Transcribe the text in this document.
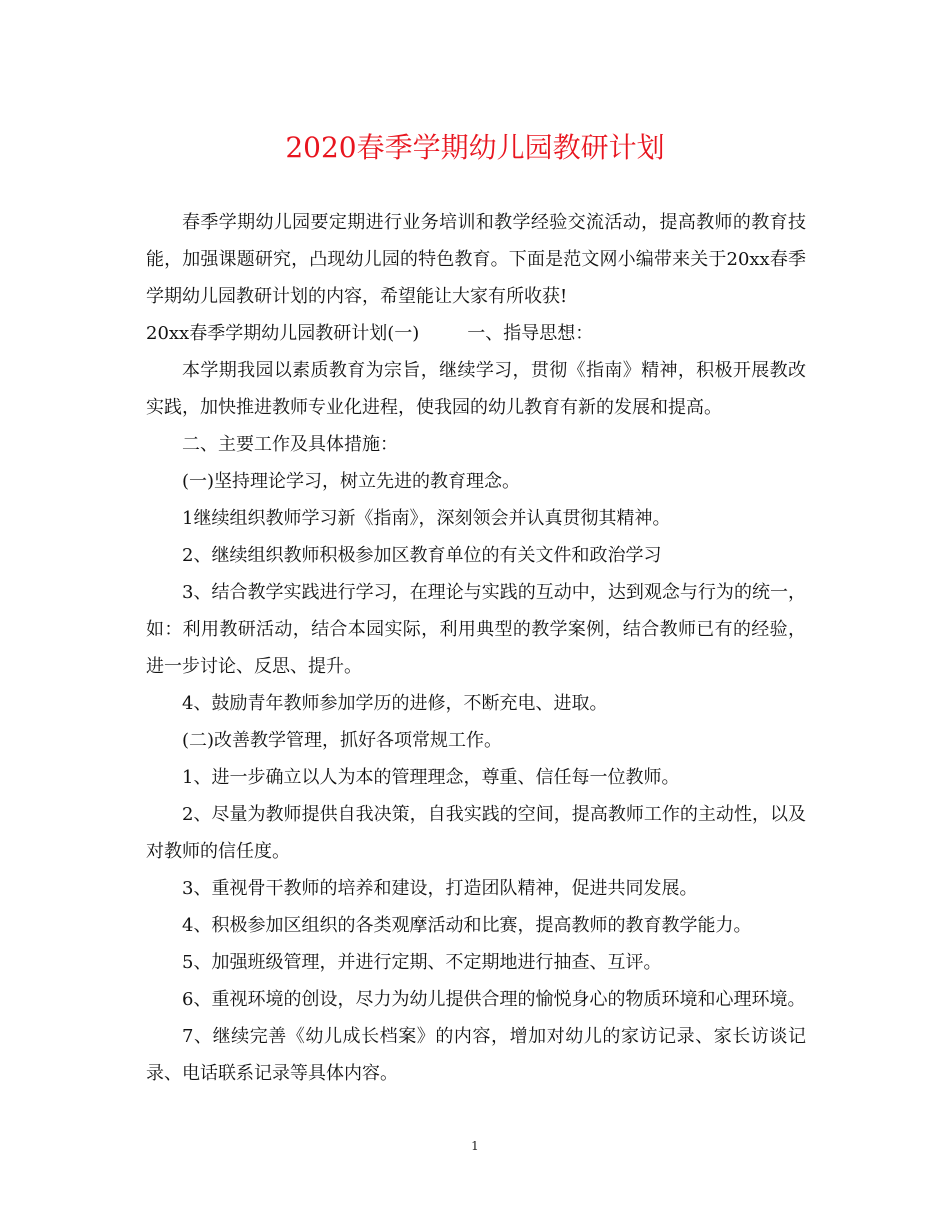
2020春季学期幼儿园教研计划

春季学期幼儿园要定期进行业务培训和教学经验交流活动，提高教师的教育技能，加强课题研究，凸现幼儿园的特色教育。下面是范文网小编带来关于20xx春季学期幼儿园教研计划的内容，希望能让大家有所收获!

20xx春季学期幼儿园教研计划(一)	一、指导思想：

本学期我园以素质教育为宗旨，继续学习，贯彻《指南》精神，积极开展教改实践，加快推进教师专业化进程，使我园的幼儿教育有新的发展和提高。

二、主要工作及具体措施：

(一)坚持理论学习，树立先进的教育理念。

1继续组织教师学习新《指南》，深刻领会并认真贯彻其精神。

2、继续组织教师积极参加区教育单位的有关文件和政治学习

3、结合教学实践进行学习，在理论与实践的互动中，达到观念与行为的统一，如：利用教研活动，结合本园实际，利用典型的教学案例，结合教师已有的经验，进一步讨论、反思、提升。

4、鼓励青年教师参加学历的进修，不断充电、进取。

(二)改善教学管理，抓好各项常规工作。

1、进一步确立以人为本的管理理念，尊重、信任每一位教师。

2、尽量为教师提供自我决策，自我实践的空间，提高教师工作的主动性，以及对教师的信任度。

3、重视骨干教师的培养和建设，打造团队精神，促进共同发展。

4、积极参加区组织的各类观摩活动和比赛，提高教师的教育教学能力。

5、加强班级管理，并进行定期、不定期地进行抽查、互评。

6、重视环境的创设，尽力为幼儿提供合理的愉悦身心的物质环境和心理环境。

7、继续完善《幼儿成长档案》的内容，增加对幼儿的家访记录、家长访谈记录、电话联系记录等具体内容。

1
